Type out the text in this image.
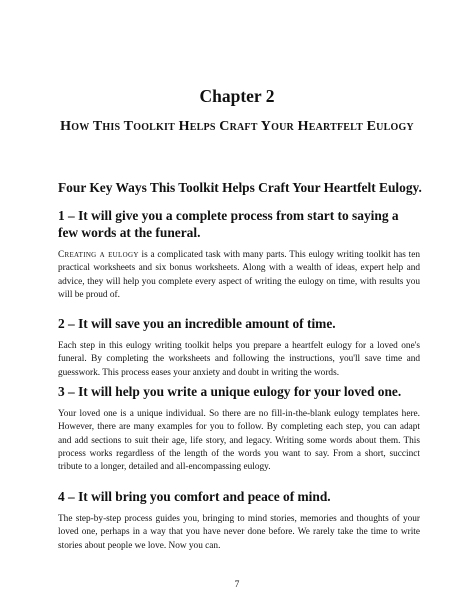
Chapter 2
How This Toolkit Helps Craft Your Heartfelt Eulogy
Four Key Ways This Toolkit Helps Craft Your Heartfelt Eulogy.
1 – It will give you a complete process from start to saying a few words at the funeral.

Creating a eulogy is a complicated task with many parts. This eulogy writing toolkit has ten practical worksheets and six bonus worksheets. Along with a wealth of ideas, expert help and advice, they will help you complete every aspect of writing the eulogy on time, with results you will be proud of.

2 – It will save you an incredible amount of time.

Each step in this eulogy writing toolkit helps you prepare a heartfelt eulogy for a loved one's funeral. By completing the worksheets and following the instructions, you'll save time and guesswork. This process eases your anxiety and doubt in writing the words.

3 – It will help you write a unique eulogy for your loved one.

Your loved one is a unique individual. So there are no fill-in-the-blank eulogy templates here. However, there are many examples for you to follow. By completing each step, you can adapt and add sections to suit their age, life story, and legacy. Writing some words about them. This process works regardless of the length of the words you want to say. From a short, succinct tribute to a longer, detailed and all-encompassing eulogy.

4 – It will bring you comfort and peace of mind.

The step-by-step process guides you, bringing to mind stories, memories and thoughts of your loved one, perhaps in a way that you have never done before. We rarely take the time to write stories about people we love. Now you can.

7
